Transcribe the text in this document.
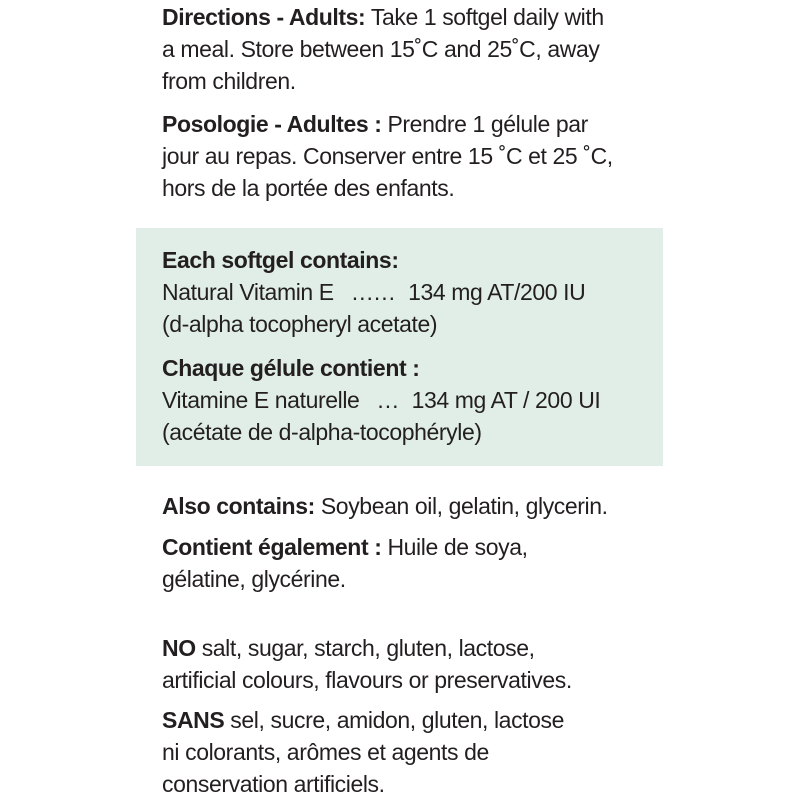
Directions - Adults: Take 1 softgel daily with
a meal. Store between 15˚C and 25˚C, away
from children.

Posologie - Adultes : Prendre 1 gélule par
jour au repas. Conserver entre 15 ˚C et 25 ˚C,
hors de la portée des enfants.

Each softgel contains:
Natural Vitamin E ...... 134 mg AT/200 IU
(d-alpha tocopheryl acetate)

Chaque gélule contient :
Vitamine E naturelle ... 134 mg AT / 200 UI
(acétate de d-alpha-tocophéryle)

Also contains: Soybean oil, gelatin, glycerin.

Contient également : Huile de soya,
gélatine, glycérine.

NO salt, sugar, starch, gluten, lactose,
artificial colours, flavours or preservatives.

SANS sel, sucre, amidon, gluten, lactose
ni colorants, arômes et agents de
conservation artificiels.
